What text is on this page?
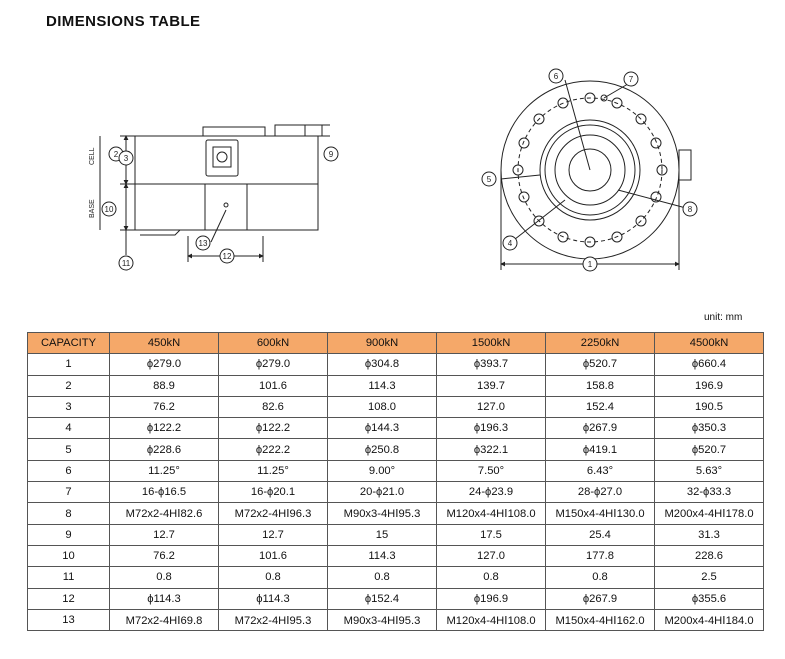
DIMENSIONS TABLE
CELL
BASE
2 3
10
11
9
13
12
6	7
5
8
4
1
unit: mm
CAPACITY	450kN	600kN	900kN	1500kN	2250kN	4500kN
1	ϕ279.0	ϕ279.0	ϕ304.8	ϕ393.7	ϕ520.7	ϕ660.4
2	88.9	101.6	114.3	139.7	158.8	196.9
3	76.2	82.6	108.0	127.0	152.4	190.5
4	ϕ122.2	ϕ122.2	ϕ144.3	ϕ196.3	ϕ267.9	ϕ350.3
5	ϕ228.6	ϕ222.2	ϕ250.8	ϕ322.1	ϕ419.1	ϕ520.7
6	11.25°	11.25°	9.00°	7.50°	6.43°	5.63°
7	16-ϕ16.5	16-ϕ20.1	20-ϕ21.0	24-ϕ23.9	28-ϕ27.0	32-ϕ33.3
8	M72x2-4HⅠ82.6	M72x2-4HⅠ96.3	M90x3-4HⅠ95.3	M120x4-4HⅠ108.0	M150x4-4HⅠ130.0	M200x4-4HⅠ178.0
9	12.7	12.7	15	17.5	25.4	31.3
10	76.2	101.6	114.3	127.0	177.8	228.6
11	0.8	0.8	0.8	0.8	0.8	2.5
12	ϕ114.3	ϕ114.3	ϕ152.4	ϕ196.9	ϕ267.9	ϕ355.6
13	M72x2-4HⅠ69.8	M72x2-4HⅠ95.3	M90x3-4HⅠ95.3	M120x4-4HⅠ108.0	M150x4-4HⅠ162.0	M200x4-4HⅠ184.0
